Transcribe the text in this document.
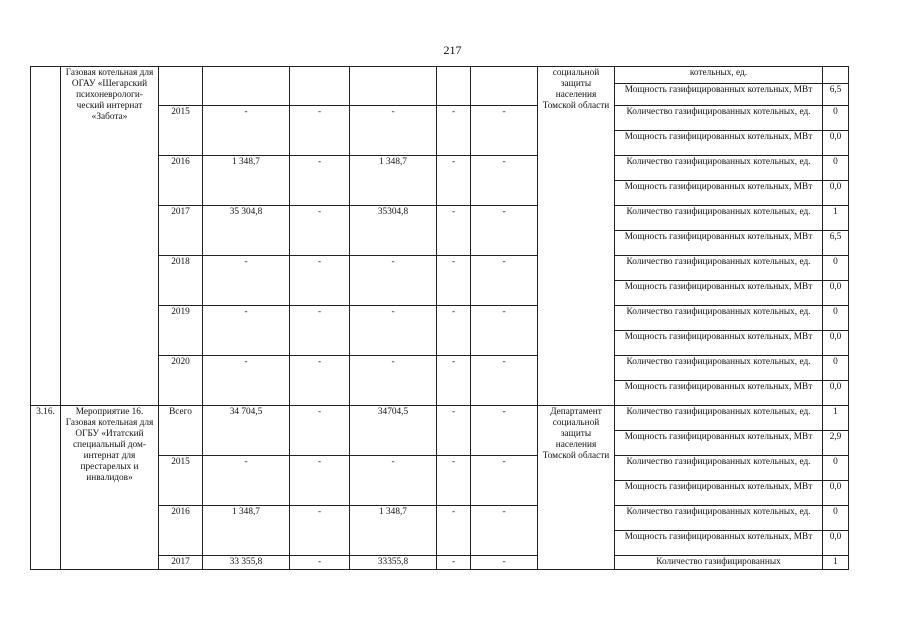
217
	Газовая котельная для ОГАУ «Шегарский психоневрологи-ческий интернат «Забота»							социальной защиты населения Томской области	котельных, ед.	
									Мощность газифицированных котельных, МВт	6,5
		2015	-	-	-	-	-		Количество газифицированных котельных, ед.	0
									Мощность газифицированных котельных, МВт	0,0
		2016	1 348,7	-	1 348,7	-	-		Количество газифицированных котельных, ед.	0
									Мощность газифицированных котельных, МВт	0,0
		2017	35 304,8	-	35304,8	-	-		Количество газифицированных котельных, ед.	1
									Мощность газифицированных котельных, МВт	6,5
		2018	-	-	-	-	-		Количество газифицированных котельных, ед.	0
									Мощность газифицированных котельных, МВт	0,0
		2019	-	-	-	-	-		Количество газифицированных котельных, ед.	0
									Мощность газифицированных котельных, МВт	0,0
		2020	-	-	-	-	-		Количество газифицированных котельных, ед.	0
									Мощность газифицированных котельных, МВт	0,0
3.16.	Мероприятие 16. Газовая котельная для ОГБУ «Итатский специальный дом-интернат для престарелых и инвалидов»	Всего	34 704,5	-	34704,5	-	-	Департамент социальной защиты населения Томской области	Количество газифицированных котельных, ед.	1
									Мощность газифицированных котельных, МВт	2,9
		2015	-	-	-	-	-		Количество газифицированных котельных, ед.	0
									Мощность газифицированных котельных, МВт	0,0
		2016	1 348,7	-	1 348,7	-	-		Количество газифицированных котельных, ед.	0
									Мощность газифицированных котельных, МВт	0,0
		2017	33 355,8	-	33355,8	-	-		Количество газифицированных	1
